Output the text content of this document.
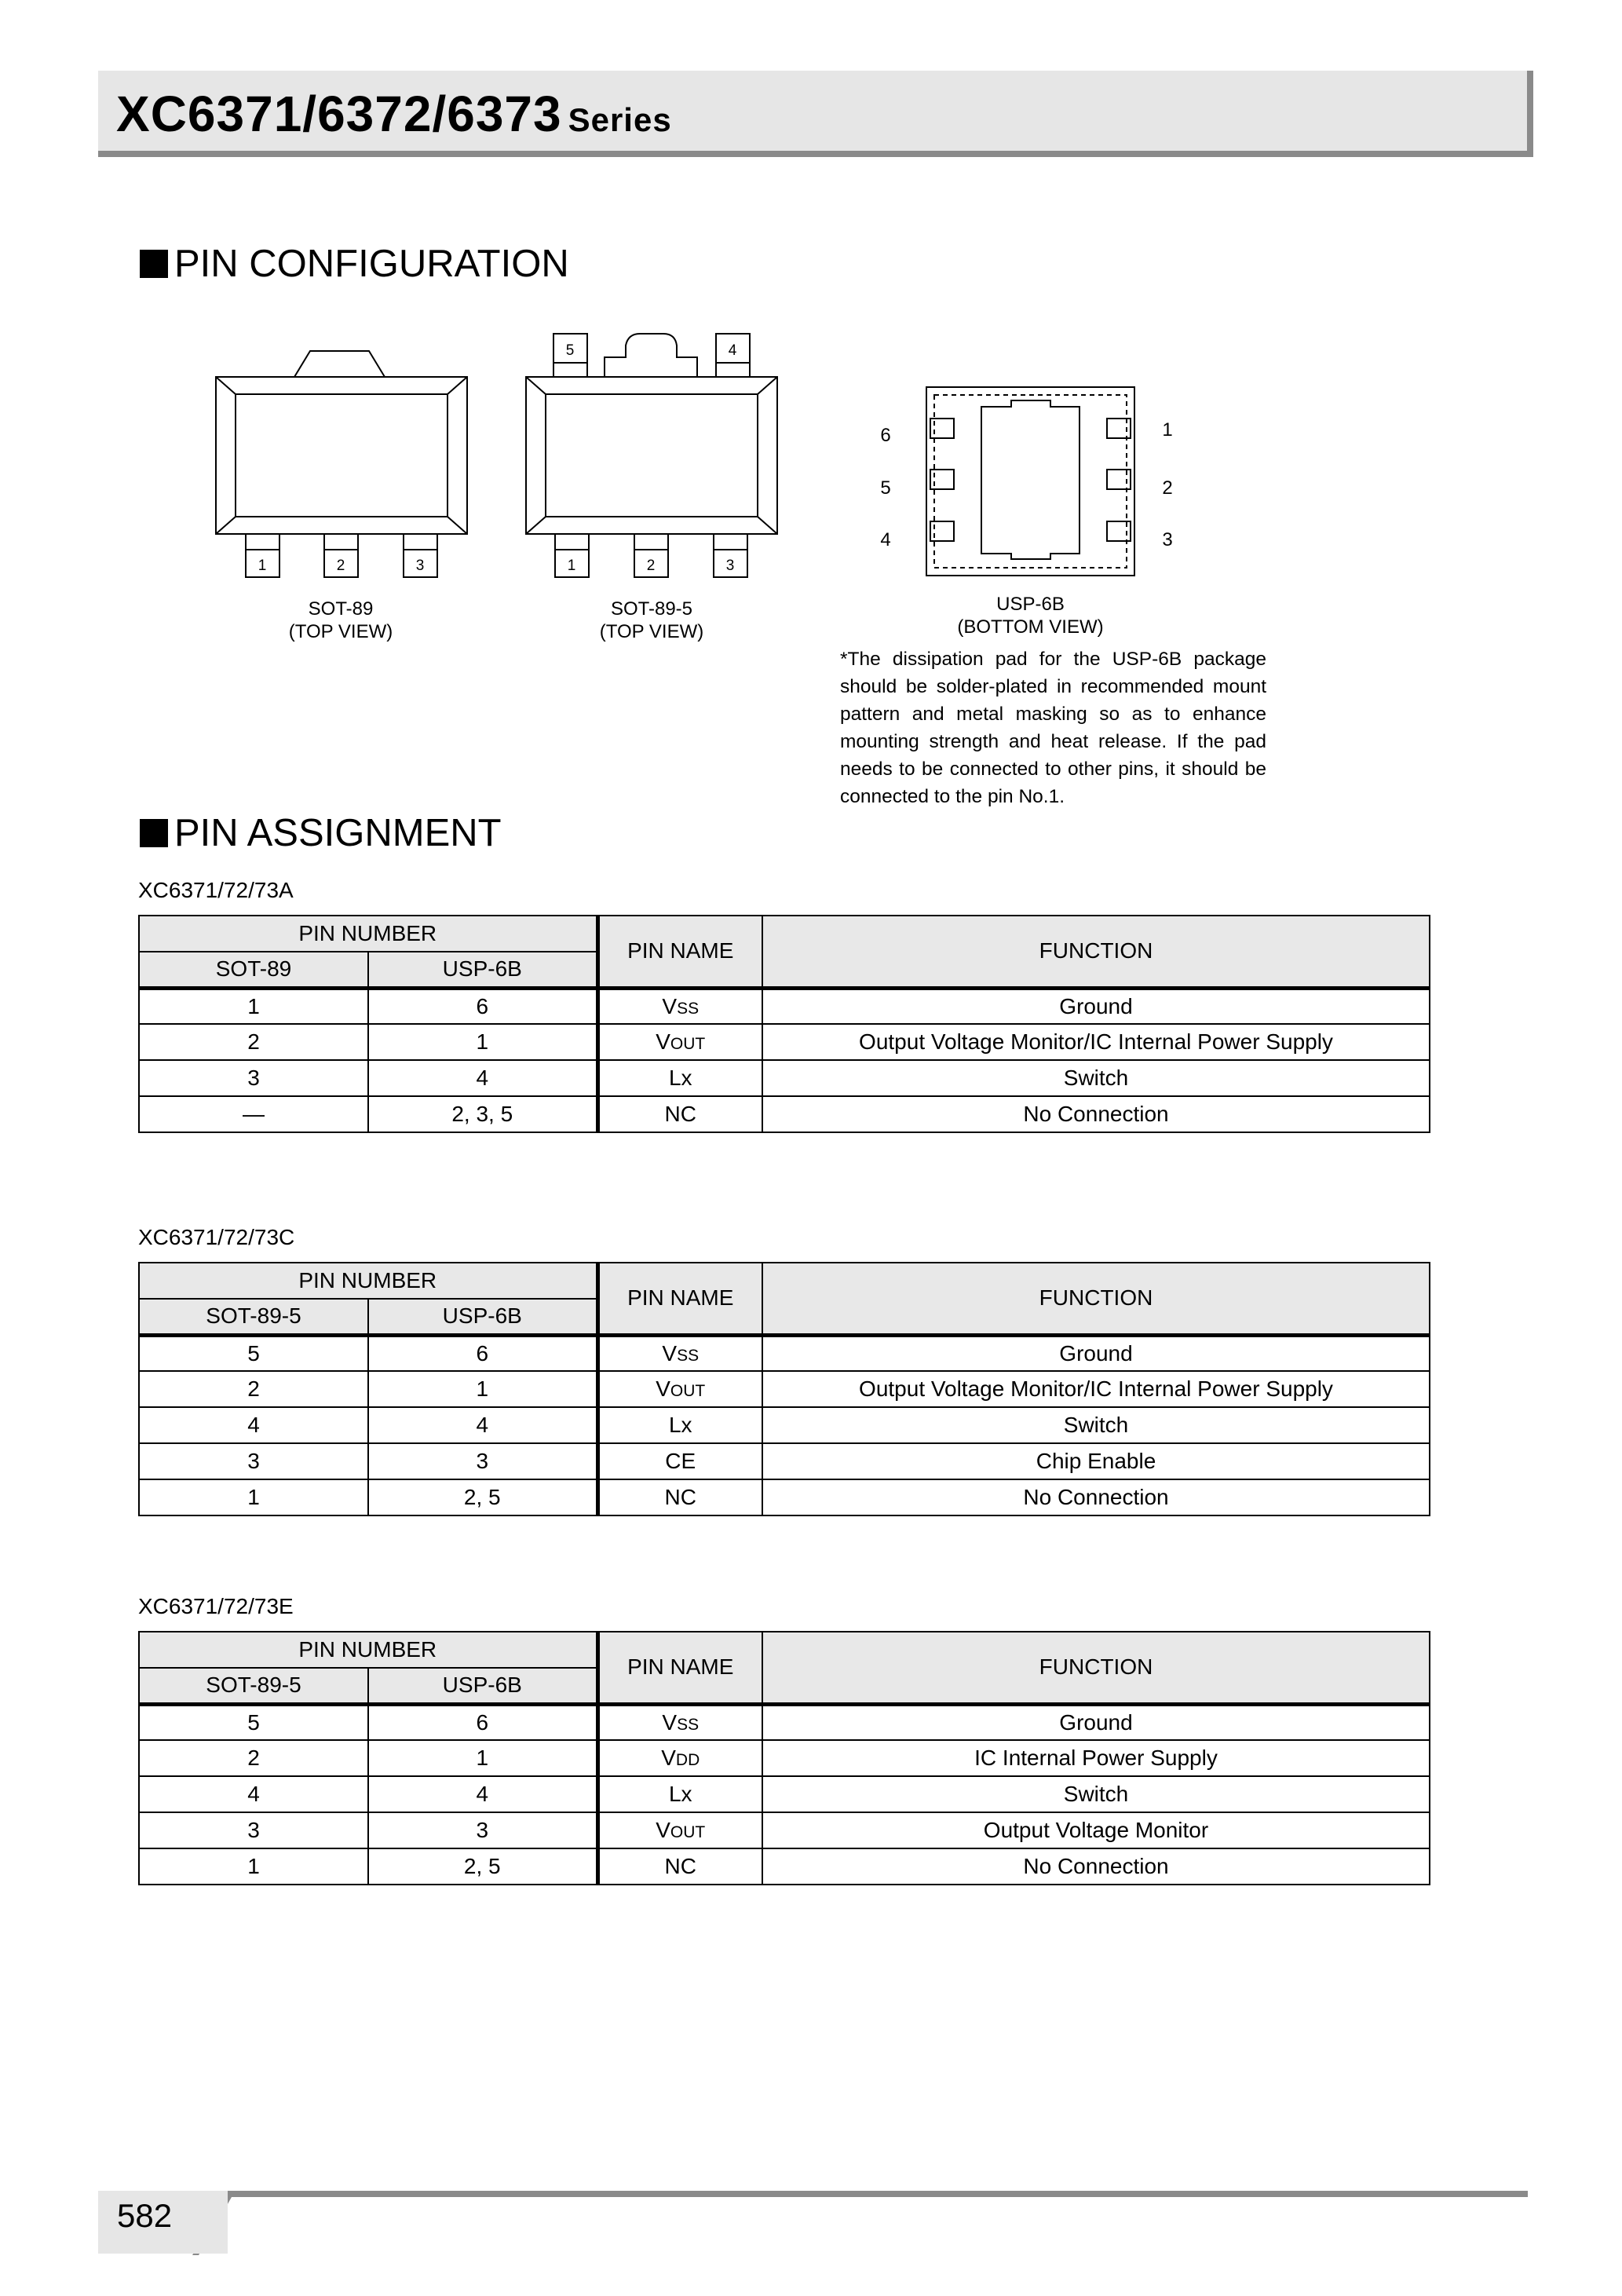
XC6371/6372/6373 Series
PIN CONFIGURATION
1	2	3
5	4
1	2	3
6
5
4
1
2
3
SOT-89
(TOP VIEW)
SOT-89-5
(TOP VIEW)
USP-6B
(BOTTOM VIEW)
*The dissipation pad for the USP-6B package should be solder-plated in recommended mount pattern and metal masking so as to enhance mounting strength and heat release. If the pad needs to be connected to other pins, it should be connected to the pin No.1.
PIN ASSIGNMENT
XC6371/72/73A
PIN NUMBER		PIN NAME	FUNCTION
SOT-89	USP-6B		
1	6	VSS	Ground
2	1	VOUT	Output Voltage Monitor/IC Internal Power Supply
3	4	Lx	Switch
―	2, 3, 5	NC	No Connection
XC6371/72/73C
PIN NUMBER		PIN NAME	FUNCTION
SOT-89-5	USP-6B		
5	6	VSS	Ground
2	1	VOUT	Output Voltage Monitor/IC Internal Power Supply
4	4	Lx	Switch
3	3	CE	Chip Enable
1	2, 5	NC	No Connection
XC6371/72/73E
PIN NUMBER		PIN NAME	FUNCTION
SOT-89-5	USP-6B		
5	6	VSS	Ground
2	1	VDD	IC Internal Power Supply
4	4	Lx	Switch
3	3	VOUT	Output Voltage Monitor
1	2, 5	NC	No Connection
582
